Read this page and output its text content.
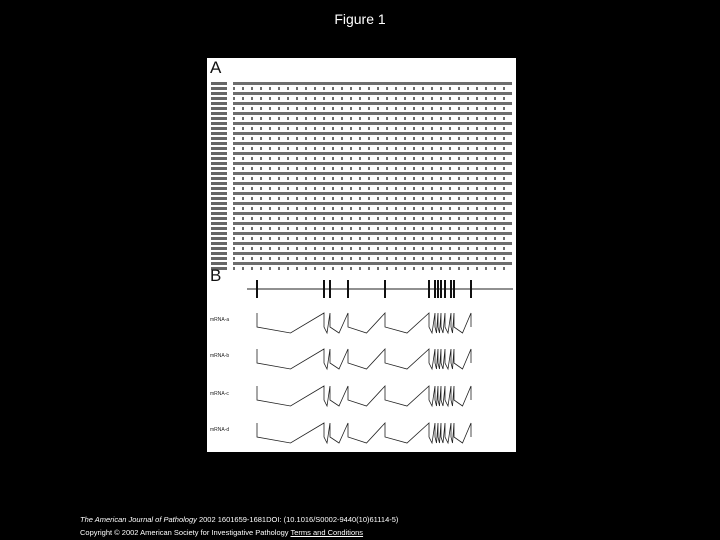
Figure 1
A
B
mRNA-a
mRNA-b
mRNA-c
mRNA-d
The American Journal of Pathology 2002 1601659-1681DOI: (10.1016/S0002-9440(10)61114-5)
Copyright © 2002 American Society for Investigative Pathology Terms and Conditions
